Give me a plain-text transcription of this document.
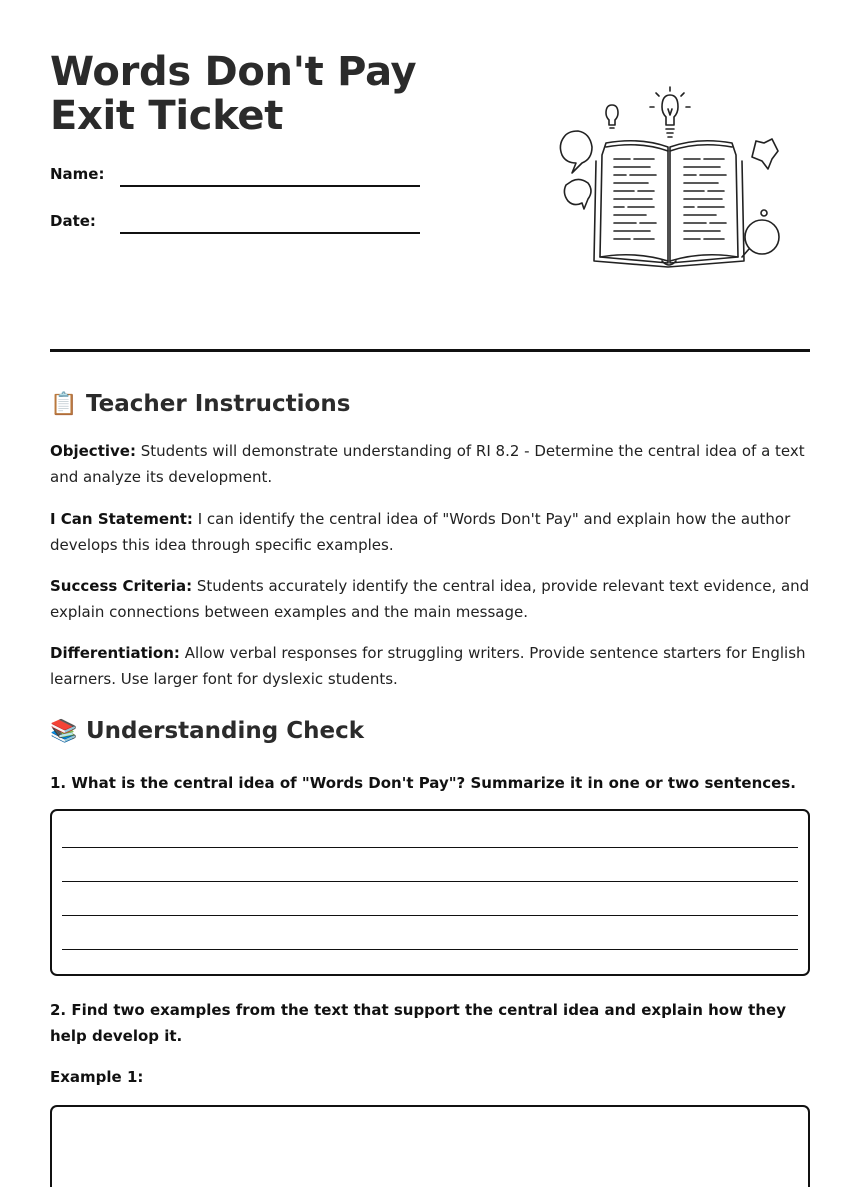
Words Don't Pay Exit Ticket
Name:
Date:
📋 Teacher Instructions

Objective: Students will demonstrate understanding of RI 8.2 - Determine the central idea of a text and analyze its development.

I Can Statement: I can identify the central idea of "Words Don't Pay" and explain how the author develops this idea through specific examples.

Success Criteria: Students accurately identify the central idea, provide relevant text evidence, and explain connections between examples and the main message.

Differentiation: Allow verbal responses for struggling writers. Provide sentence starters for English learners. Use larger font for dyslexic students.

📚 Understanding Check

1. What is the central idea of "Words Don't Pay"? Summarize it in one or two sentences.

2. Find two examples from the text that support the central idea and explain how they help develop it.

Example 1:
